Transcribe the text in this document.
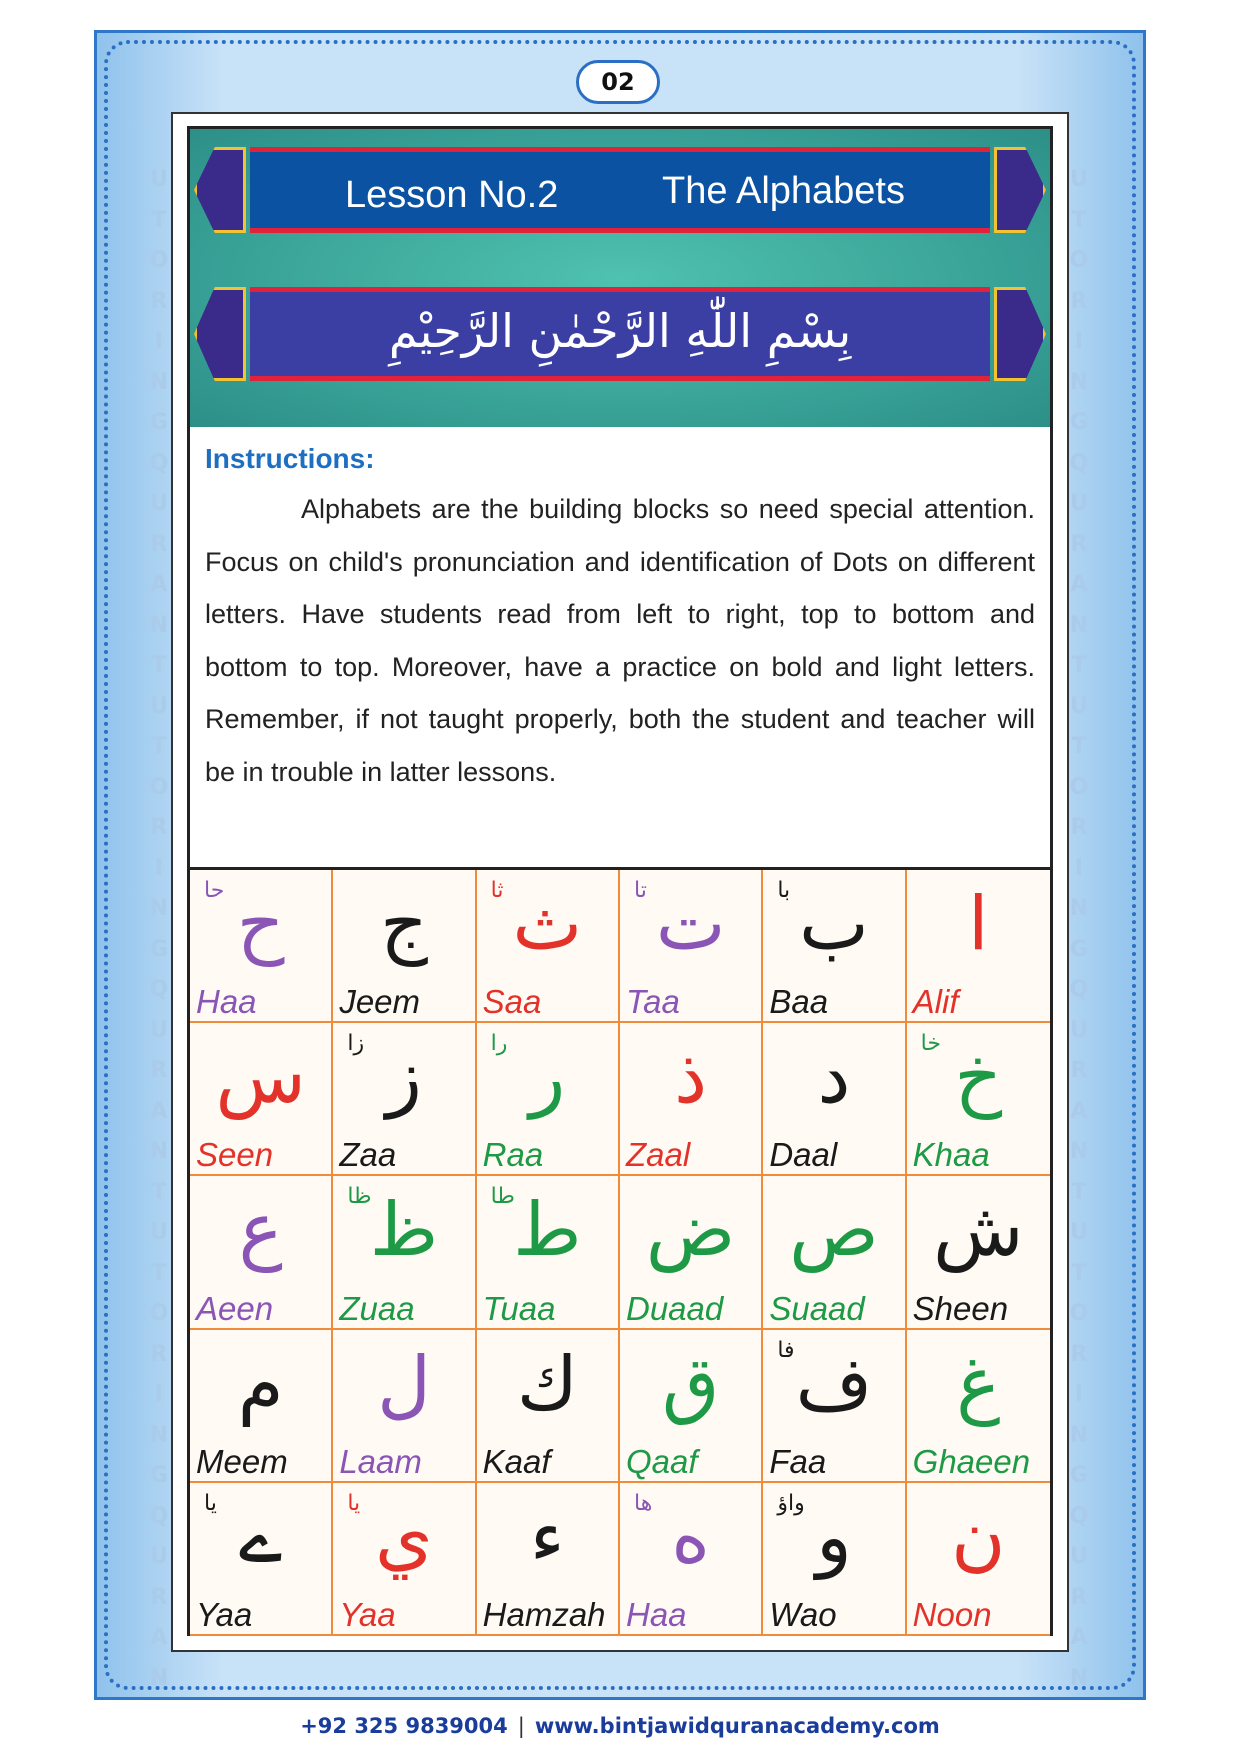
U
T
O
R
I
N
G
Q
U
R
A
N
T
U
T
O
R
I
N
G
Q
U
R
A
N
T
U
T
O
R
I
N
G
Q
U
R
A
N
U
T
O
R
I
N
G
Q
U
R
A
N
T
U
T
O
R
I
N
G
Q
U
R
A
N
T
U
T
O
R
I
N
G
Q
U
R
A
N
02
Lesson No.2	The Alphabets
بِسْمِ اللّٰهِ الرَّحْمٰنِ الرَّحِیْمِ
Instructions:

Alphabets are the building blocks so need special attention. Focus on child's pronunciation and identification of Dots on different letters. Have students read from left to right, top to bottom and bottom to top. Moreover, have a practice on bold and light letters. Remember, if not taught properly, both the student and teacher will be in trouble in latter lessons.

ح
حا
Haa
ج
Jeem
ث
ثا
Saa
ت
تا
Taa
ب
با
Baa
ا
Alif
س
Seen
ز
زا
Zaa
ر
را
Raa
ذ
Zaal
د
Daal
خ
خا
Khaa
ع
Aeen
ظ
ظا
Zuaa
ط
طا
Tuaa
ض
Duaad
ص
Suaad
ش
Sheen
م
Meem
ل
Laam
ك
Kaaf
ق
Qaaf
ف
فا
Faa
غ
Ghaeen
ے
یا
Yaa
ي
یا
Yaa
ء
Hamzah
ه
ھا
Haa
و
واؤ
Wao
ن
Noon
+92 325 9839004 | www.bintjawidquranacademy.com
